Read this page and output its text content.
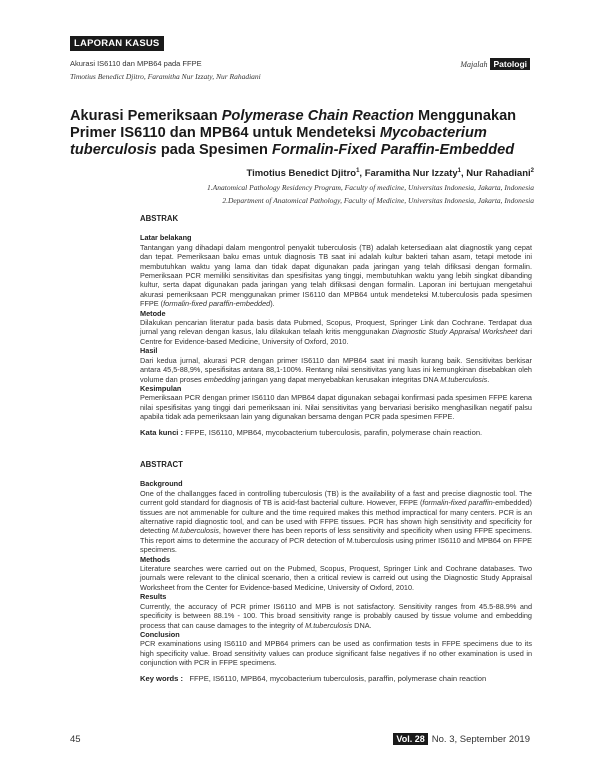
LAPORAN KASUS
Akurasi IS6110 dan MPB64 pada FFPE
Timotius Benedict Djitro, Faramitha Nur Izzaty, Nur Rahadiani
Majalah Patologi
Akurasi Pemeriksaan Polymerase Chain Reaction Menggunakan Primer IS6110 dan MPB64 untuk Mendeteksi Mycobacterium tuberculosis pada Spesimen Formalin-Fixed Paraffin-Embedded
Timotius Benedict Djitro$^1$, Faramitha Nur Izzaty$^1$, Nur Rahadiani$^2$
1.Anatomical Pathology Residency Program, Faculty of medicine, Universitas Indonesia, Jakarta, Indonesia
2.Department of Anatomical Pathology, Faculty of Medicine, Universitas Indonesia, Jakarta, Indonesia
ABSTRAK
Latar belakang
Tantangan yang dihadapi dalam mengontrol penyakit tuberculosis (TB) adalah ketersediaan alat diagnostik yang cepat dan tepat. Pemeriksaan baku emas untuk diagnosis TB saat ini adalah kultur bakteri tahan asam, tetapi metode ini membutuhkan waktu yang lama dan tidak dapat digunakan pada jaringan yang telah difiksasi dengan formalin. Pemeriksaan PCR memiliki sensitivitas dan spesifisitas yang tinggi, membutuhkan waktu yang lebih singkat dibanding kultur, serta dapat digunakan pada jaringan yang telah difiksasi dengan formalin. Laporan ini bertujuan mengetahui akurasi pemeriksaan PCR menggunakan primer IS6110 dan MPB64 untuk mendeteksi M.tuberculosis pada spesimen FFPE (formalin-fixed paraffin-embedded).
Metode
Dilakukan pencarian literatur pada basis data Pubmed, Scopus, Proquest, Springer Link dan Cochrane. Terdapat dua jurnal yang relevan dengan kasus, lalu dilakukan telaah kritis menggunakan Diagnostic Study Appraisal Worksheet dari Centre for Evidence-based Medicine, University of Oxford, 2010.
Hasil
Dari kedua jurnal, akurasi PCR dengan primer IS6110 dan MPB64 saat ini masih kurang baik. Sensitivitas berkisar antara 45,5-88,9%, spesifisitas antara 88,1-100%. Rentang nilai sensitivitas yang luas ini kemungkinan disebabkan oleh volume dan proses embedding jaringan yang dapat menyebabkan kerusakan integritas DNA M.tuberculosis.
Kesimpulan
Pemeriksaan PCR dengan primer IS6110 dan MPB64 dapat digunakan sebagai konfirmasi pada spesimen FFPE karena nilai spesifisitas yang tinggi dari pemeriksaan ini. Nilai sensitivitas yang bervariasi berisiko menghasilkan negatif palsu apabila tidak ada pemeriksaan lain yang digunakan bersama dengan PCR pada spesimen FFPE.
Kata kunci : FFPE, IS6110, MPB64, mycobacterium tuberculosis, parafin, polymerase chain reaction.
ABSTRACT
Background
One of the challangges faced in controlling tuberculosis (TB) is the availability of a fast and precise diagnostic tool. The current gold standard for diagnosis of TB is acid-fast bacterial culture. However, FFPE (formalin-fixed paraffin-embedded) tissues are not ammenable for culture and the time required makes this method impractical for many centers. PCR is an alternative rapid diagnostic tool, and can be used with FFPE tissues. PCR has shown high sensitivity and specificity for detecting M.tuberculosis, however there has been reports of less sensitivity and specificity when using FFPE specimens. This report aims to determine the accuracy of PCR detection of M.tuberculosis using primer IS6110 and MPB64 on FFPE specimens.
Methods
Literature searches were carried out on the Pubmed, Scopus, Proquest, Springer Link and Cochrane databases. Two journals were relevant to the clinical scenario, then a critical review is carreid out using the Diagnostic Study Appraisal Worksheet from the Center for Evidence-based Medicine, University of Oxford, 2010.
Results
Currently, the accuracy of PCR primer IS6110 and MPB is not satisfactory. Sensitivity ranges from 45.5-88.9% and specificity is between 88.1% - 100. This broad sensitivity range is probably caused by tissue volume and embedding process that can cause damages to the integrity of M.tuberculosis DNA.
Conclusion
PCR examinations using IS6110 and MPB64 primers can be used as confirmation tests in FFPE specimens due to its high specificity value. Broad sensitivity values can produce significant false negatives if no other examination is used in conjunction with PCR in FFPE specimens.
Key words :   FFPE, IS6110, MPB64, mycobacterium tuberculosis, paraffin, polymerase chain reaction
45	Vol. 28 No. 3, September 2019
